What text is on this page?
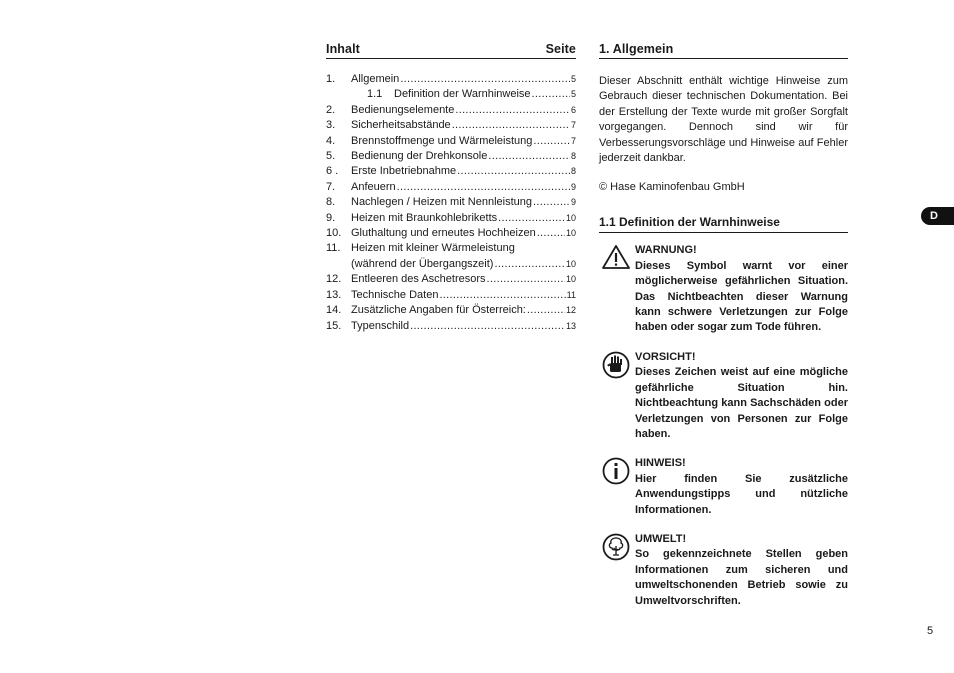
Inhalt	Seite
1.	Allgemein .....	5
1.1	Definition der Warnhinweise .....	5
2.	Bedienungselemente .....	6
3.	Sicherheitsabstände .....	7
4.	Brennstoffmenge und Wärmeleistung .....	7
5.	Bedienung der Drehkonsole .....	8
6 .	Erste Inbetriebnahme .....	8
7.	Anfeuern .....	9
8.	Nachlegen / Heizen mit Nennleistung .....	9
9.	Heizen mit Braunkohlebriketts .....	10
10. Gluthaltung und erneutes Hochheizen .....	10
11. Heizen mit kleiner Wärmeleistung
(während der Übergangszeit) .....	10
12. Entleeren des Aschetresors .....	10
13. Technische Daten .....	11
14. Zusätzliche Angaben für Österreich: .....	12
15. Typenschild .....	13
1. Allgemein
Dieser Abschnitt enthält wichtige Hinweise zum Gebrauch dieser technischen Dokumentation. Bei der Erstellung der Texte wurde mit großer Sorgfalt vorgegangen. Dennoch sind wir für Verbesserungsvorschläge und Hinweise auf Fehler jederzeit dankbar.
© Hase Kaminofenbau GmbH
1.1 Definition der Warnhinweise
WARNUNG!
Dieses Symbol warnt vor einer möglicherweise gefährlichen Situation. Das Nichtbeachten dieser Warnung kann schwere Verletzungen zur Folge haben oder sogar zum Tode führen.
VORSICHT!
Dieses Zeichen weist auf eine mögliche gefährliche Situation hin. Nichtbeachtung kann Sachschäden oder Verletzungen von Personen zur Folge haben.
HINWEIS!
Hier finden Sie zusätzliche Anwendungstipps und nützliche Informationen.
UMWELT!
So gekennzeichnete Stellen geben Informationen zum sicheren und umweltschonenden Betrieb sowie zu Umweltvorschriften.
D
5
